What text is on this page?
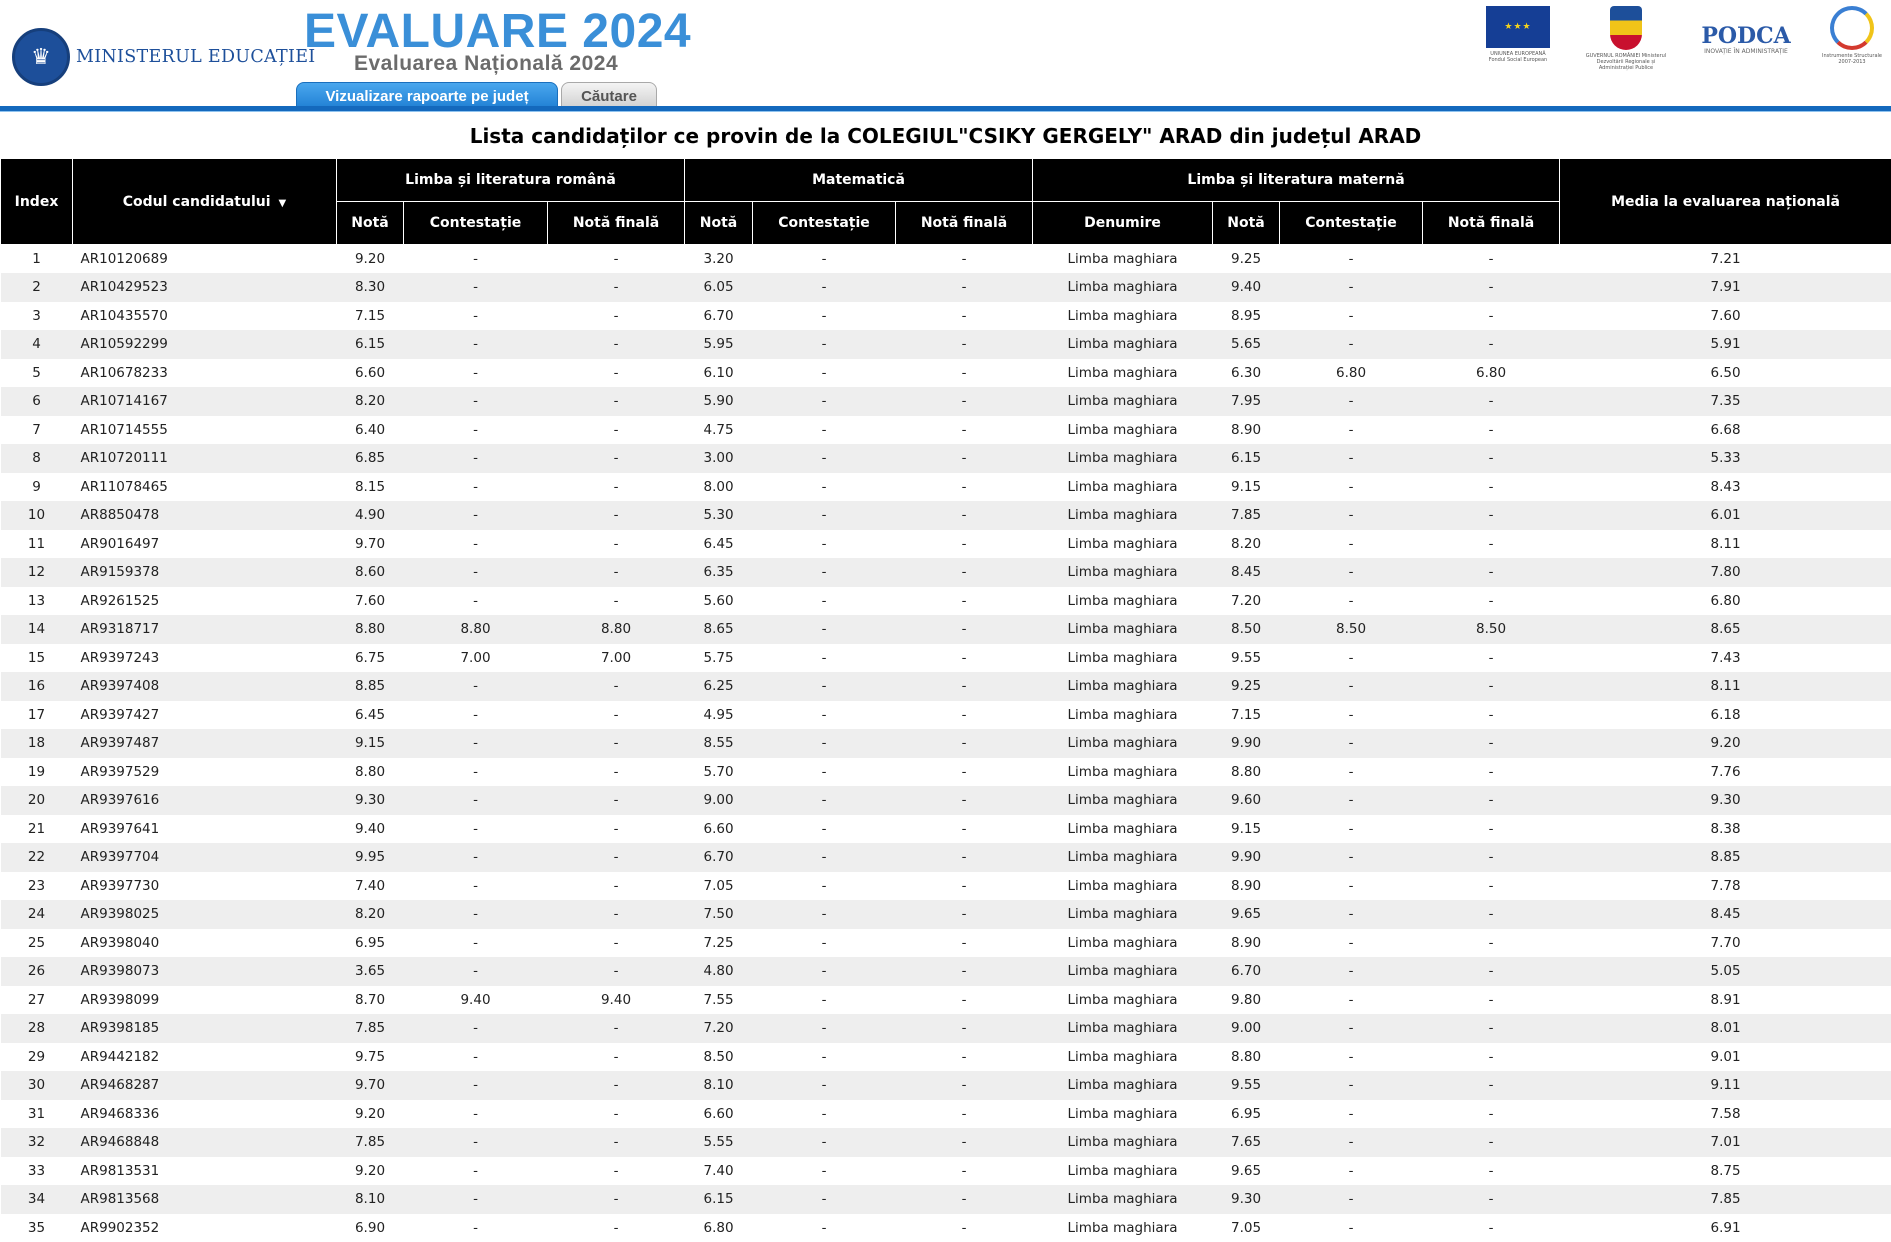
♛	MINISTERUL EDUCAȚIEI
EVALUARE 2024
Evaluarea Națională 2024
Vizualizare rapoarte pe județ	Căutare
★★★
UNIUNEA EUROPEANĂ Fondul Social European
GUVERNUL ROMÂNIEI Ministerul Dezvoltării Regionale și Administrației Publice
PODCA
INOVAȚIE ÎN ADMINISTRAȚIE
Instrumente Structurale 2007-2013
Lista candidaților ce provin de la COLEGIUL"CSIKY GERGELY" ARAD din județul ARAD
Index	Codul candidatului ▼	Limba și literatura română			Matematică			Limba și literatura maternă				Media la evaluarea națională
		Notă	Contestație	Notă finală	Notă	Contestație	Notă finală	Denumire	Notă	Contestație	Notă finală	
1	AR10120689	9.20	-	-	3.20	-	-	Limba maghiara	9.25	-	-	7.21
2	AR10429523	8.30	-	-	6.05	-	-	Limba maghiara	9.40	-	-	7.91
3	AR10435570	7.15	-	-	6.70	-	-	Limba maghiara	8.95	-	-	7.60
4	AR10592299	6.15	-	-	5.95	-	-	Limba maghiara	5.65	-	-	5.91
5	AR10678233	6.60	-	-	6.10	-	-	Limba maghiara	6.30	6.80	6.80	6.50
6	AR10714167	8.20	-	-	5.90	-	-	Limba maghiara	7.95	-	-	7.35
7	AR10714555	6.40	-	-	4.75	-	-	Limba maghiara	8.90	-	-	6.68
8	AR10720111	6.85	-	-	3.00	-	-	Limba maghiara	6.15	-	-	5.33
9	AR11078465	8.15	-	-	8.00	-	-	Limba maghiara	9.15	-	-	8.43
10	AR8850478	4.90	-	-	5.30	-	-	Limba maghiara	7.85	-	-	6.01
11	AR9016497	9.70	-	-	6.45	-	-	Limba maghiara	8.20	-	-	8.11
12	AR9159378	8.60	-	-	6.35	-	-	Limba maghiara	8.45	-	-	7.80
13	AR9261525	7.60	-	-	5.60	-	-	Limba maghiara	7.20	-	-	6.80
14	AR9318717	8.80	8.80	8.80	8.65	-	-	Limba maghiara	8.50	8.50	8.50	8.65
15	AR9397243	6.75	7.00	7.00	5.75	-	-	Limba maghiara	9.55	-	-	7.43
16	AR9397408	8.85	-	-	6.25	-	-	Limba maghiara	9.25	-	-	8.11
17	AR9397427	6.45	-	-	4.95	-	-	Limba maghiara	7.15	-	-	6.18
18	AR9397487	9.15	-	-	8.55	-	-	Limba maghiara	9.90	-	-	9.20
19	AR9397529	8.80	-	-	5.70	-	-	Limba maghiara	8.80	-	-	7.76
20	AR9397616	9.30	-	-	9.00	-	-	Limba maghiara	9.60	-	-	9.30
21	AR9397641	9.40	-	-	6.60	-	-	Limba maghiara	9.15	-	-	8.38
22	AR9397704	9.95	-	-	6.70	-	-	Limba maghiara	9.90	-	-	8.85
23	AR9397730	7.40	-	-	7.05	-	-	Limba maghiara	8.90	-	-	7.78
24	AR9398025	8.20	-	-	7.50	-	-	Limba maghiara	9.65	-	-	8.45
25	AR9398040	6.95	-	-	7.25	-	-	Limba maghiara	8.90	-	-	7.70
26	AR9398073	3.65	-	-	4.80	-	-	Limba maghiara	6.70	-	-	5.05
27	AR9398099	8.70	9.40	9.40	7.55	-	-	Limba maghiara	9.80	-	-	8.91
28	AR9398185	7.85	-	-	7.20	-	-	Limba maghiara	9.00	-	-	8.01
29	AR9442182	9.75	-	-	8.50	-	-	Limba maghiara	8.80	-	-	9.01
30	AR9468287	9.70	-	-	8.10	-	-	Limba maghiara	9.55	-	-	9.11
31	AR9468336	9.20	-	-	6.60	-	-	Limba maghiara	6.95	-	-	7.58
32	AR9468848	7.85	-	-	5.55	-	-	Limba maghiara	7.65	-	-	7.01
33	AR9813531	9.20	-	-	7.40	-	-	Limba maghiara	9.65	-	-	8.75
34	AR9813568	8.10	-	-	6.15	-	-	Limba maghiara	9.30	-	-	7.85
35	AR9902352	6.90	-	-	6.80	-	-	Limba maghiara	7.05	-	-	6.91
